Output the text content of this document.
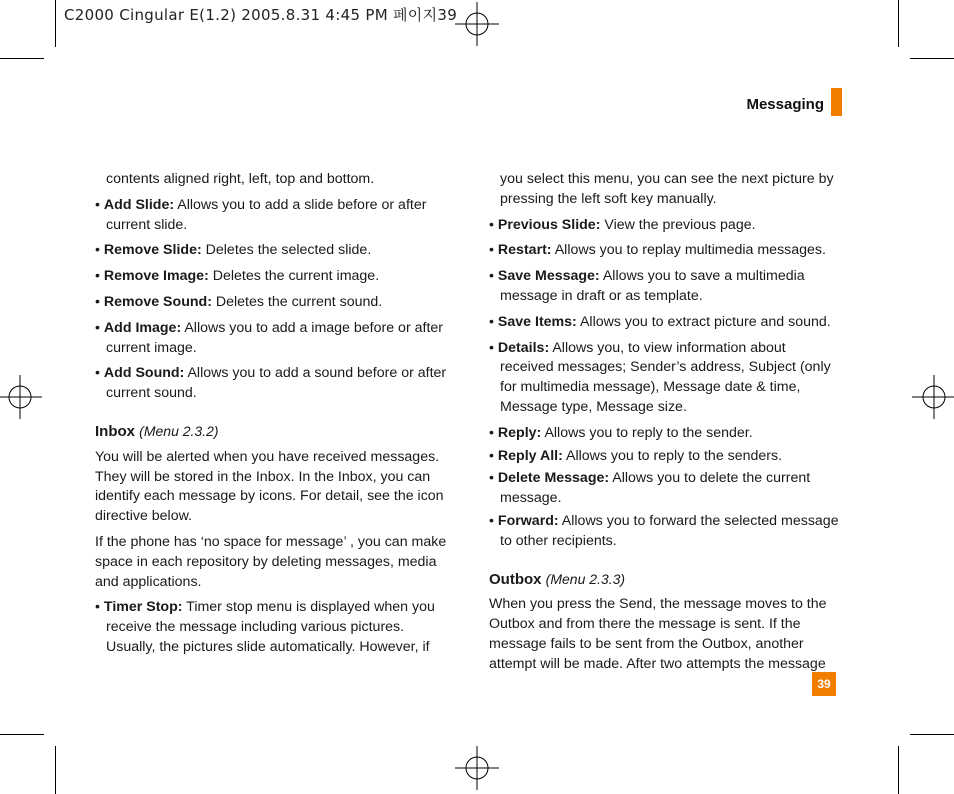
C2000 Cingular E(1.2) 2005.8.31 4:45 PM 페이지39
Messaging

contents aligned right, left, top and bottom.

• Add Slide: Allows you to add a slide before or after current slide.

• Remove Slide: Deletes the selected slide.

• Remove Image: Deletes the current image.

• Remove Sound: Deletes the current sound.

• Add Image: Allows you to add a image before or after current image.

• Add Sound: Allows you to add a sound before or after current sound.

Inbox (Menu 2.3.2)

You will be alerted when you have received messages. They will be stored in the Inbox. In the Inbox, you can identify each message by icons. For detail, see the icon directive below.

If the phone has ‘no space for message’ , you can make space in each repository by deleting messages, media and applications.

• Timer Stop: Timer stop menu is displayed when you receive the message including various pictures. Usually, the pictures slide automatically. However, if

you select this menu, you can see the next picture by pressing the left soft key manually.

• Previous Slide: View the previous page.

• Restart: Allows you to replay multimedia messages.

• Save Message: Allows you to save a multimedia message in draft or as template.

• Save Items: Allows you to extract picture and sound.

• Details: Allows you, to view information about received messages; Sender’s address, Subject (only for multimedia message), Message date & time, Message type, Message size.

• Reply: Allows you to reply to the sender.

• Reply All: Allows you to reply to the senders.

• Delete Message: Allows you to delete the current message.

• Forward: Allows you to forward the selected message to other recipients.

Outbox (Menu 2.3.3)

When you press the Send, the message moves to the Outbox and from there the message is sent. If the message fails to be sent from the Outbox, another attempt will be made. After two attempts the message

39
